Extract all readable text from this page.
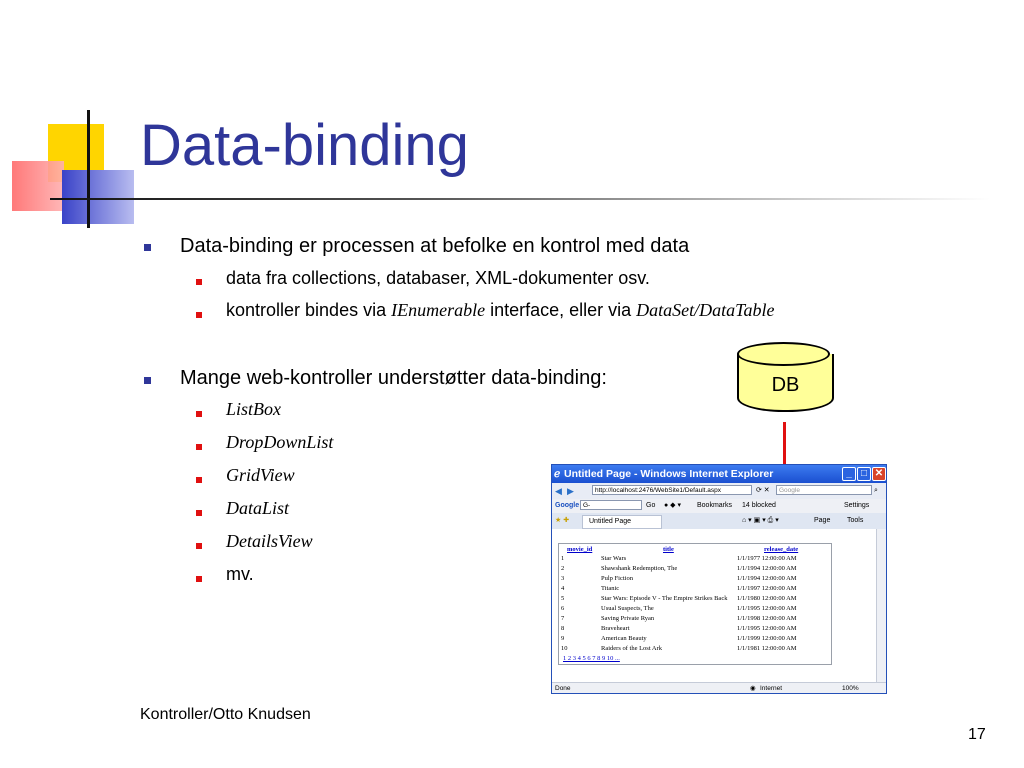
Data-binding
Data-binding er processen at befolke en kontrol med data
data fra collections, databaser, XML-dokumenter osv.
kontroller bindes via IEnumerable interface, eller via DataSet/DataTable
Mange web-kontroller understøtter data-binding:
ListBox
DropDownList
GridView
DataList
DetailsView
mv.
DB
ℯ Untitled Page - Windows Internet Explorer	_ □ ✕
◀ ▶	http://localhost:2476/WebSite1/Default.aspx	⟳ ✕	Google	⌕
Google G-	Go ● ◆ ▾ Bookmarks 14 blocked	Settings
★ ✚	Untitled Page	⌂ ▾ ▣ ▾ ⎙ ▾	Page Tools
movie_id	title	release_date
1	Star Wars	1/1/1977 12:00:00 AM
2	Shawshank Redemption, The	1/1/1994 12:00:00 AM
3	Pulp Fiction	1/1/1994 12:00:00 AM
4	Titanic	1/1/1997 12:00:00 AM
5	Star Wars: Episode V - The Empire Strikes Back 1/1/1980 12:00:00 AM
6	Usual Suspects, The	1/1/1995 12:00:00 AM
7	Saving Private Ryan	1/1/1998 12:00:00 AM
8	Braveheart	1/1/1995 12:00:00 AM
9	American Beauty	1/1/1999 12:00:00 AM
10	Raiders of the Lost Ark	1/1/1981 12:00:00 AM
1 2 3 4 5 6 7 8 9 10 ...
Done	◉ Internet	100%
Kontroller/Otto Knudsen
17
